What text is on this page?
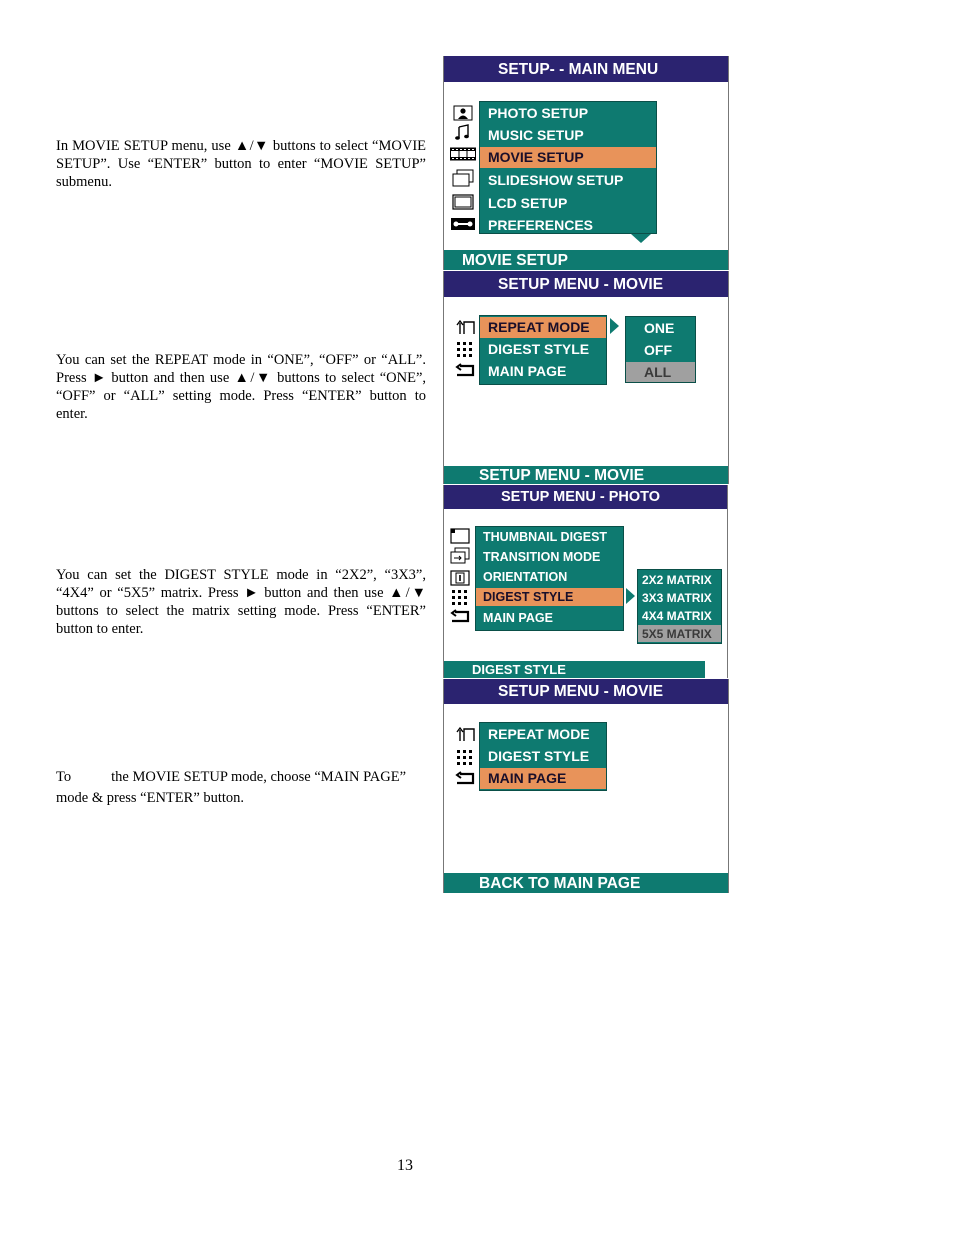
In MOVIE SETUP menu, use ▲/▼ buttons to select “MOVIE SETUP”. Use “ENTER” button to enter “MOVIE SETUP” submenu.
You can set the REPEAT mode in “ONE”, “OFF” or “ALL”. Press ► button and then use ▲/▼ buttons to select “ONE”, “OFF” or “ALL” setting mode. Press “ENTER” button to enter.
You can set the DIGEST STYLE mode in “2X2”, “3X3”, “4X4” or “5X5” matrix. Press ► button and then use ▲/▼ buttons to select the matrix setting mode. Press “ENTER” button to enter.
To	the MOVIE SETUP mode, choose “MAIN PAGE” mode & press “ENTER” button.
SETUP- - MAIN MENU
PHOTO SETUP
MUSIC SETUP
MOVIE SETUP
SLIDESHOW SETUP
LCD SETUP
PREFERENCES
MOVIE SETUP
SETUP MENU - MOVIE
REPEAT MODE
DIGEST STYLE
MAIN PAGE
ONE
OFF
ALL
SETUP MENU - MOVIE
SETUP MENU - PHOTO
THUMBNAIL DIGEST
TRANSITION MODE
ORIENTATION
DIGEST STYLE
MAIN PAGE
2X2 MATRIX
3X3 MATRIX
4X4 MATRIX
5X5 MATRIX
DIGEST STYLE
SETUP MENU - MOVIE
REPEAT MODE
DIGEST STYLE
MAIN PAGE
BACK TO MAIN PAGE
13
